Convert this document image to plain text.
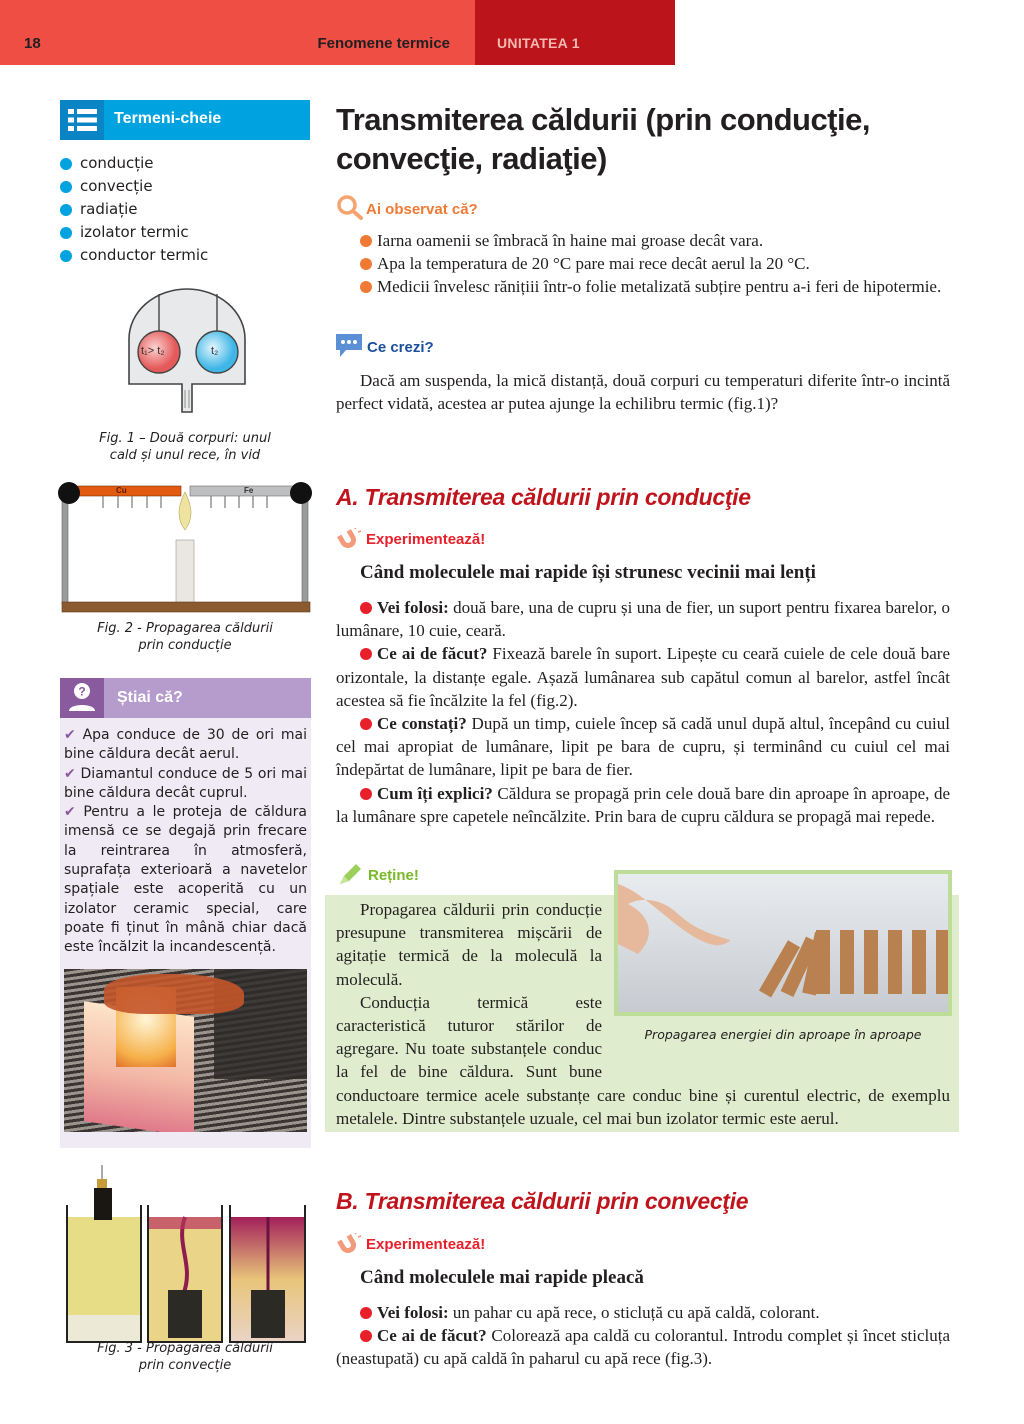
18	Fenomene termice	UNITATEA 1
Termeni-cheie
conducție
convecție
radiație
izolator termic
conductor termic
t₁> t₂	t₂
Fig. 1 – Două corpuri: unul
cald și unul rece, în vid
Cu	Fe
Fig. 2 - Propagarea căldurii
prin conducție
? Știai că?
✔ Apa conduce de 30 de ori mai bine căldura decât aerul.
✔ Diamantul conduce de 5 ori mai bine căldura decât cuprul.
✔ Pentru a le proteja de căldura imensă ce se degajă prin frecare la reintrarea în atmosferă, suprafața exterioară a navetelor spațiale este acoperită cu un izolator ceramic special, care poate fi ținut în mână chiar dacă este încălzit la incandescență.
Fig. 3 - Propagarea căldurii
prin convecție
Transmiterea căldurii (prin conducţie, convecţie, radiaţie)
Ai observat că?

Iarna oamenii se îmbracă în haine mai groase decât vara.

Apa la temperatura de 20 °C pare mai rece decât aerul la 20 °C.

Medicii învelesc rănițiii într-o folie metalizată subțire pentru a-i feri de hipotermie.

Ce crezi?

Dacă am suspenda, la mică distanță, două corpuri cu temperaturi diferite într-o incintă perfect vidată, acestea ar putea ajunge la echilibru termic (fig.1)?

A. Transmiterea căldurii prin conducţie
Experimentează!
Când moleculele mai rapide își strunesc vecinii mai lenți

Vei folosi: două bare, una de cupru și una de fier, un suport pentru fixarea barelor, o lumânare, 10 cuie, ceară.

Ce ai de făcut? Fixează barele în suport. Lipește cu ceară cuiele de cele două bare orizontale, la distanțe egale. Așază lumânarea sub capătul comun al barelor, astfel încât acestea să fie încălzite la fel (fig.2).

Ce constați? După un timp, cuiele încep să cadă unul după altul, începând cu cuiul cel mai apropiat de lumânare, lipit pe bara de cupru, și terminând cu cuiul cel mai îndepărtat de lumânare, lipit pe bara de fier.

Cum îți explici? Căldura se propagă prin cele două bare din aproape în aproape, de la lumânare spre capetele neîncălzite. Prin bara de cupru căldura se propagă mai repede.

Reține!
Propagarea energiei din aproape în aproape

Propagarea căldurii prin conducție presupune transmiterea mișcării de agitație termică de la moleculă la moleculă.

Conducția termică este caracteristică tuturor stărilor de agregare. Nu toate substanțele conduc la fel de bine căldura. Sunt bune conductoare termice acele substanțe care conduc bine și curentul electric, de exemplu metalele. Dintre substanțele uzuale, cel mai bun izolator termic este aerul.

B. Transmiterea căldurii prin convecţie
Experimentează!
Când moleculele mai rapide pleacă

Vei folosi: un pahar cu apă rece, o sticluță cu apă caldă, colorant.

Ce ai de făcut? Colorează apa caldă cu colorantul. Introdu complet și încet sticluța (neastupată) cu apă caldă în paharul cu apă rece (fig.3).
